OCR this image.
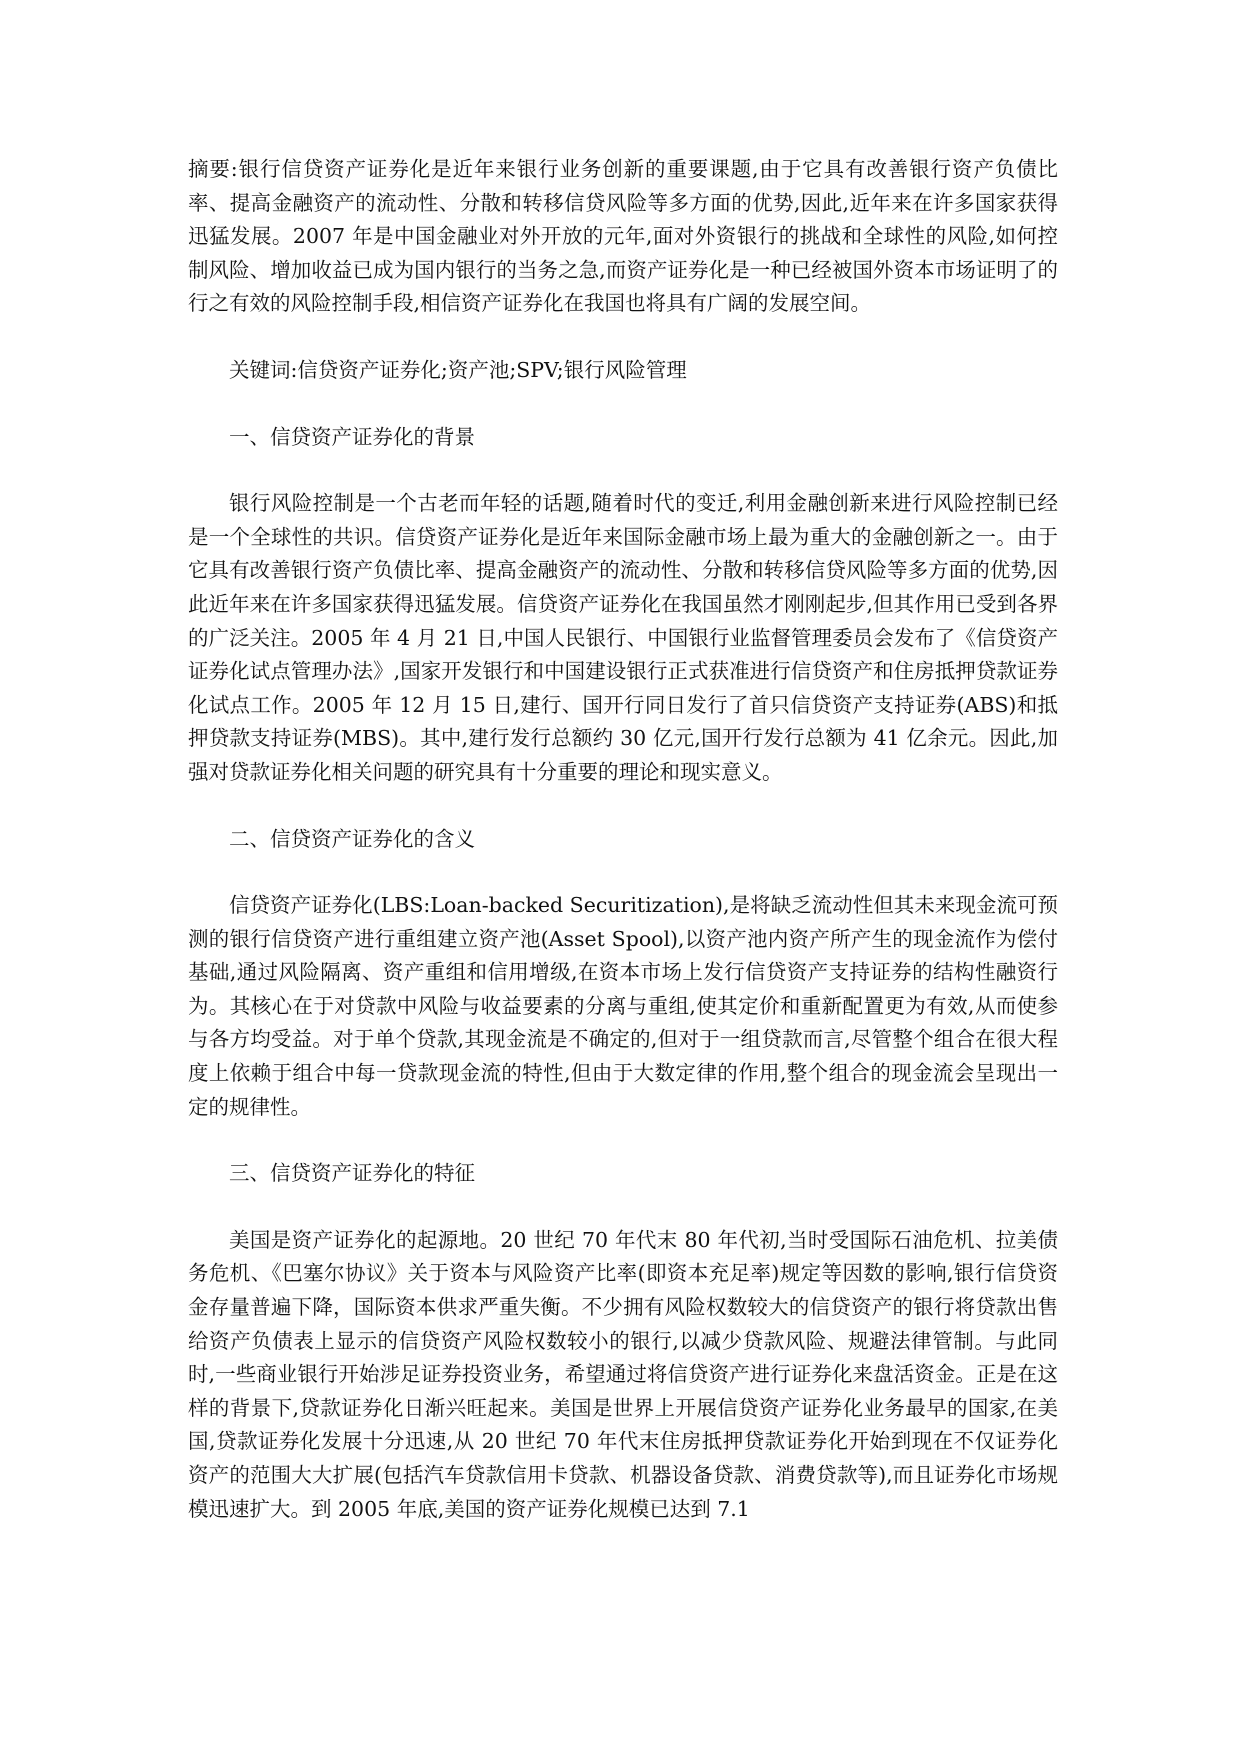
摘要:银行信贷资产证券化是近年来银行业务创新的重要课题,由于它具有改善银行资产负债比率、提高金融资产的流动性、分散和转移信贷风险等多方面的优势,因此,近年来在许多国家获得迅猛发展。2007 年是中国金融业对外开放的元年,面对外资银行的挑战和全球性的风险,如何控制风险、增加收益已成为国内银行的当务之急,而资产证券化是一种已经被国外资本市场证明了的行之有效的风险控制手段,相信资产证券化在我国也将具有广阔的发展空间。

关键词:信贷资产证券化;资产池;SPV;银行风险管理

一、信贷资产证券化的背景

银行风险控制是一个古老而年轻的话题,随着时代的变迁,利用金融创新来进行风险控制已经是一个全球性的共识。信贷资产证券化是近年来国际金融市场上最为重大的金融创新之一。由于它具有改善银行资产负债比率、提高金融资产的流动性、分散和转移信贷风险等多方面的优势,因此近年来在许多国家获得迅猛发展。信贷资产证券化在我国虽然才刚刚起步,但其作用已受到各界的广泛关注。2005 年 4 月 21 日,中国人民银行、中国银行业监督管理委员会发布了《信贷资产证券化试点管理办法》,国家开发银行和中国建设银行正式获准进行信贷资产和住房抵押贷款证券化试点工作。2005 年 12 月 15 日,建行、国开行同日发行了首只信贷资产支持证券(ABS)和抵押贷款支持证券(MBS)。其中,建行发行总额约 30 亿元,国开行发行总额为 41 亿余元。因此,加强对贷款证券化相关问题的研究具有十分重要的理论和现实意义。

二、信贷资产证券化的含义

信贷资产证券化(LBS:Loan-backed Securitization),是将缺乏流动性但其未来现金流可预测的银行信贷资产进行重组建立资产池(Asset Spool),以资产池内资产所产生的现金流作为偿付基础,通过风险隔离、资产重组和信用增级,在资本市场上发行信贷资产支持证券的结构性融资行为。其核心在于对贷款中风险与收益要素的分离与重组,使其定价和重新配置更为有效,从而使参与各方均受益。对于单个贷款,其现金流是不确定的,但对于一组贷款而言,尽管整个组合在很大程度上依赖于组合中每一贷款现金流的特性,但由于大数定律的作用,整个组合的现金流会呈现出一定的规律性。

三、信贷资产证券化的特征

美国是资产证券化的起源地。20 世纪 70 年代末 80 年代初,当时受国际石油危机、拉美债务危机、《巴塞尔协议》关于资本与风险资产比率(即资本充足率)规定等因数的影响,银行信贷资金存量普遍下降，国际资本供求严重失衡。不少拥有风险权数较大的信贷资产的银行将贷款出售给资产负债表上显示的信贷资产风险权数较小的银行,以减少贷款风险、规避法律管制。与此同时,一些商业银行开始涉足证券投资业务，希望通过将信贷资产进行证券化来盘活资金。正是在这样的背景下,贷款证券化日渐兴旺起来。美国是世界上开展信贷资产证券化业务最早的国家,在美国,贷款证券化发展十分迅速,从 20 世纪 70 年代末住房抵押贷款证券化开始到现在不仅证券化资产的范围大大扩展(包括汽车贷款信用卡贷款、机器设备贷款、消费贷款等),而且证券化市场规模迅速扩大。到 2005 年底,美国的资产证券化规模已达到 7.1
